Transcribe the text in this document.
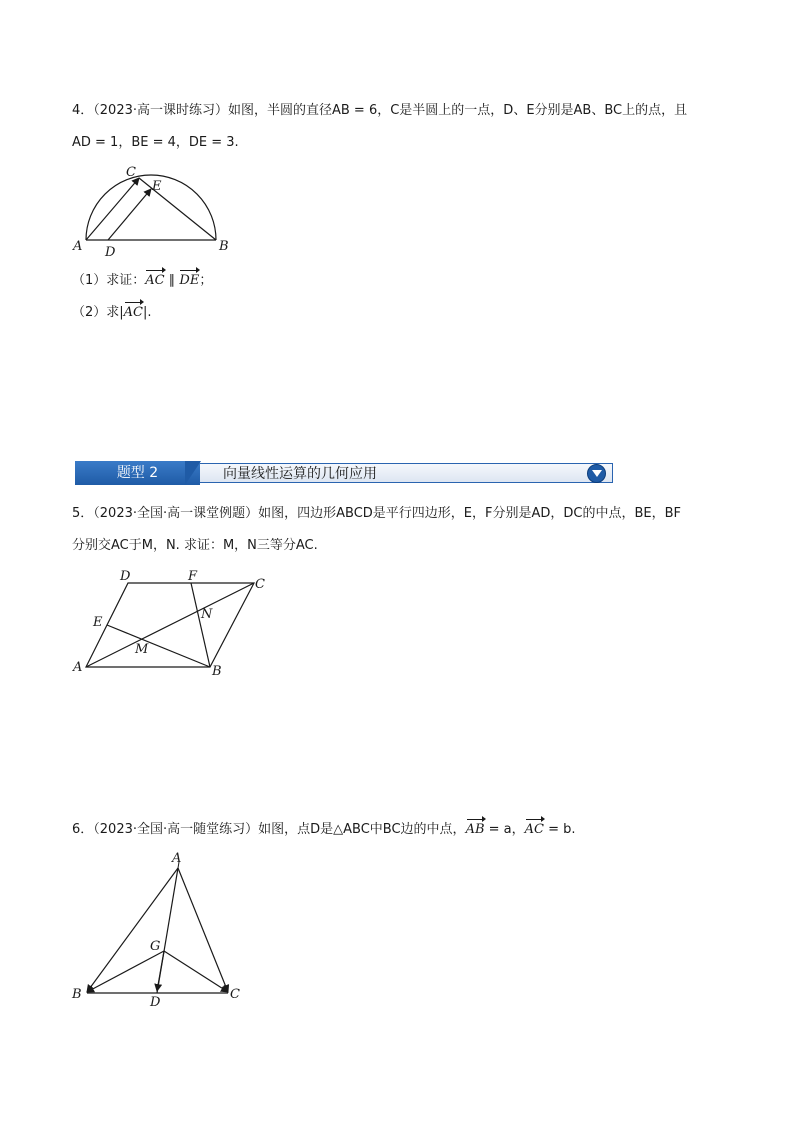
4．（2023·高一课时练习）如图，半圆的直径AB = 6，C是半圆上的一点，D、E分别是AB、BC上的点，且
AD = 1，BE = 4，DE = 3.
A	B
C
D
E
（1）求证：AC ∥ DE；
（2）求|AC|.
向量线性运算的几何应用
题型 2
5．（2023·全国·高一课堂例题）如图，四边形ABCD是平行四边形，E，F分别是AD，DC的中点，BE，BF
分别交AC于M，N. 求证：M，N三等分AC.
A	B
C
D
E
F
M
N
6．（2023·全国·高一随堂练习）如图，点D是△ABC中BC边的中点，AB = a，AC = b.
A
B	C
D
G
